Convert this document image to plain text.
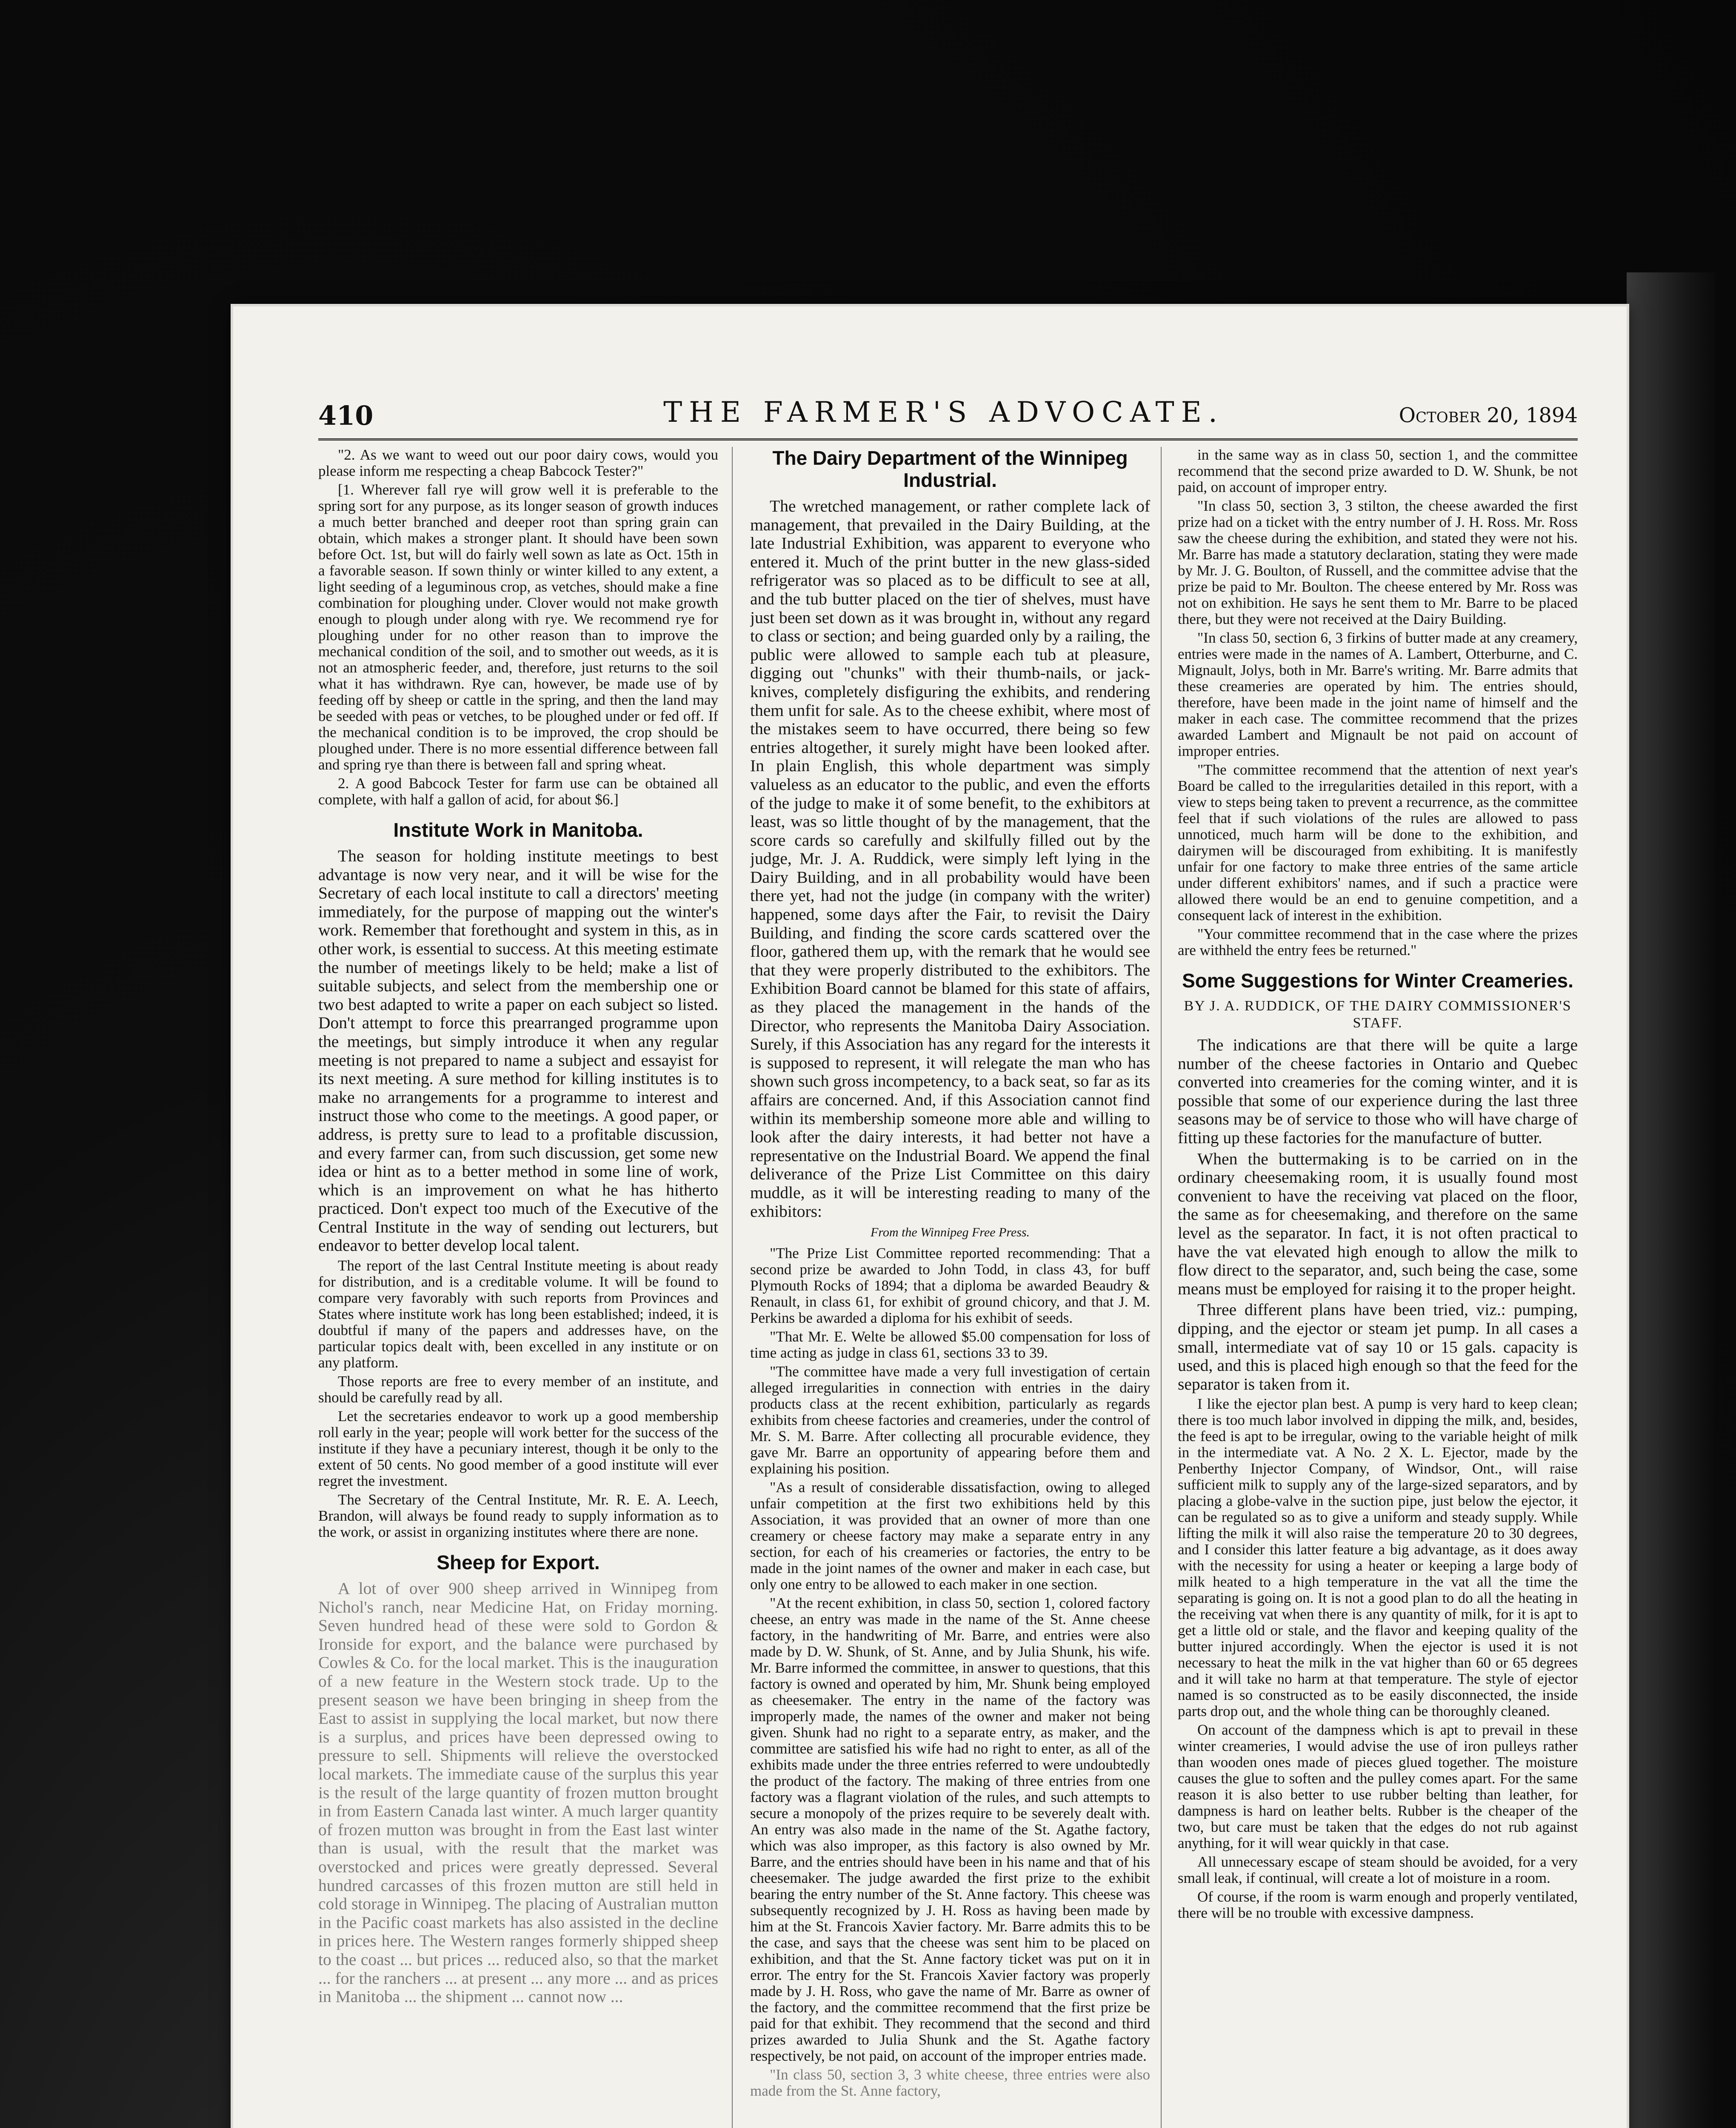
410	THE FARMER'S ADVOCATE.	October 20, 1894

"2. As we want to weed out our poor dairy cows, would you please inform me respecting a cheap Babcock Tester?"

[1. Wherever fall rye will grow well it is preferable to the spring sort for any purpose, as its longer season of growth induces a much better branched and deeper root than spring grain can obtain, which makes a stronger plant. It should have been sown before Oct. 1st, but will do fairly well sown as late as Oct. 15th in a favorable season. If sown thinly or winter killed to any extent, a light seeding of a leguminous crop, as vetches, should make a fine combination for ploughing under. Clover would not make growth enough to plough under along with rye. We recommend rye for ploughing under for no other reason than to improve the mechanical condition of the soil, and to smother out weeds, as it is not an atmospheric feeder, and, therefore, just returns to the soil what it has withdrawn. Rye can, however, be made use of by feeding off by sheep or cattle in the spring, and then the land may be seeded with peas or vetches, to be ploughed under or fed off. If the mechanical condition is to be improved, the crop should be ploughed under. There is no more essential difference between fall and spring rye than there is between fall and spring wheat.

2. A good Babcock Tester for farm use can be obtained all complete, with half a gallon of acid, for about $6.]

Institute Work in Manitoba.

The season for holding institute meetings to best advantage is now very near, and it will be wise for the Secretary of each local institute to call a directors' meeting immediately, for the purpose of mapping out the winter's work. Remember that forethought and system in this, as in other work, is essential to success. At this meeting estimate the number of meetings likely to be held; make a list of suitable subjects, and select from the membership one or two best adapted to write a paper on each subject so listed. Don't attempt to force this prearranged programme upon the meetings, but simply introduce it when any regular meeting is not prepared to name a subject and essayist for its next meeting. A sure method for killing institutes is to make no arrangements for a programme to interest and instruct those who come to the meetings. A good paper, or address, is pretty sure to lead to a profitable discussion, and every farmer can, from such discussion, get some new idea or hint as to a better method in some line of work, which is an improvement on what he has hitherto practiced. Don't expect too much of the Executive of the Central Institute in the way of sending out lecturers, but endeavor to better develop local talent.

The report of the last Central Institute meeting is about ready for distribution, and is a creditable volume. It will be found to compare very favorably with such reports from Provinces and States where institute work has long been established; indeed, it is doubtful if many of the papers and addresses have, on the particular topics dealt with, been excelled in any institute or on any platform.

Those reports are free to every member of an institute, and should be carefully read by all.

Let the secretaries endeavor to work up a good membership roll early in the year; people will work better for the success of the institute if they have a pecuniary interest, though it be only to the extent of 50 cents. No good member of a good institute will ever regret the investment.

The Secretary of the Central Institute, Mr. R. E. A. Leech, Brandon, will always be found ready to supply information as to the work, or assist in organizing institutes where there are none.

Sheep for Export.

A lot of over 900 sheep arrived in Winnipeg from Nichol's ranch, near Medicine Hat, on Friday morning. Seven hundred head of these were sold to Gordon & Ironside for export, and the balance were purchased by Cowles & Co. for the local market. This is the inauguration of a new feature in the Western stock trade. Up to the present season we have been bringing in sheep from the East to assist in supplying the local market, but now there is a surplus, and prices have been depressed owing to pressure to sell. Shipments will relieve the overstocked local markets. The immediate cause of the surplus this year is the result of the large quantity of frozen mutton brought in from Eastern Canada last winter. A much larger quantity of frozen mutton was brought in from the East last winter than is usual, with the result that the market was overstocked and prices were greatly depressed. Several hundred carcasses of this frozen mutton are still held in cold storage in Winnipeg. The placing of Australian mutton in the Pacific coast markets has also assisted in the decline in prices here. The Western ranges formerly shipped sheep to the coast ... but prices ... reduced also, so that the market ... for the ranchers ... at present ... any more ... and as prices in Manitoba ... the shipment ... cannot now ...

The Dairy Department of the Winnipeg Industrial.

The wretched management, or rather complete lack of management, that prevailed in the Dairy Building, at the late Industrial Exhibition, was apparent to everyone who entered it. Much of the print butter in the new glass-sided refrigerator was so placed as to be difficult to see at all, and the tub butter placed on the tier of shelves, must have just been set down as it was brought in, without any regard to class or section; and being guarded only by a railing, the public were allowed to sample each tub at pleasure, digging out "chunks" with their thumb-nails, or jack-knives, completely disfiguring the exhibits, and rendering them unfit for sale. As to the cheese exhibit, where most of the mistakes seem to have occurred, there being so few entries altogether, it surely might have been looked after. In plain English, this whole department was simply valueless as an educator to the public, and even the efforts of the judge to make it of some benefit, to the exhibitors at least, was so little thought of by the management, that the score cards so carefully and skilfully filled out by the judge, Mr. J. A. Ruddick, were simply left lying in the Dairy Building, and in all probability would have been there yet, had not the judge (in company with the writer) happened, some days after the Fair, to revisit the Dairy Building, and finding the score cards scattered over the floor, gathered them up, with the remark that he would see that they were properly distributed to the exhibitors. The Exhibition Board cannot be blamed for this state of affairs, as they placed the management in the hands of the Director, who represents the Manitoba Dairy Association. Surely, if this Association has any regard for the interests it is supposed to represent, it will relegate the man who has shown such gross incompetency, to a back seat, so far as its affairs are concerned. And, if this Association cannot find within its membership someone more able and willing to look after the dairy interests, it had better not have a representative on the Industrial Board. We append the final deliverance of the Prize List Committee on this dairy muddle, as it will be interesting reading to many of the exhibitors:

From the Winnipeg Free Press.

"The Prize List Committee reported recommending: That a second prize be awarded to John Todd, in class 43, for buff Plymouth Rocks of 1894; that a diploma be awarded Beaudry & Renault, in class 61, for exhibit of ground chicory, and that J. M. Perkins be awarded a diploma for his exhibit of seeds.

"That Mr. E. Welte be allowed $5.00 compensation for loss of time acting as judge in class 61, sections 33 to 39.

"The committee have made a very full investigation of certain alleged irregularities in connection with entries in the dairy products class at the recent exhibition, particularly as regards exhibits from cheese factories and creameries, under the control of Mr. S. M. Barre. After collecting all procurable evidence, they gave Mr. Barre an opportunity of appearing before them and explaining his position.

"As a result of considerable dissatisfaction, owing to alleged unfair competition at the first two exhibitions held by this Association, it was provided that an owner of more than one creamery or cheese factory may make a separate entry in any section, for each of his creameries or factories, the entry to be made in the joint names of the owner and maker in each case, but only one entry to be allowed to each maker in one section.

"At the recent exhibition, in class 50, section 1, colored factory cheese, an entry was made in the name of the St. Anne cheese factory, in the handwriting of Mr. Barre, and entries were also made by D. W. Shunk, of St. Anne, and by Julia Shunk, his wife. Mr. Barre informed the committee, in answer to questions, that this factory is owned and operated by him, Mr. Shunk being employed as cheesemaker. The entry in the name of the factory was improperly made, the names of the owner and maker not being given. Shunk had no right to a separate entry, as maker, and the committee are satisfied his wife had no right to enter, as all of the exhibits made under the three entries referred to were undoubtedly the product of the factory. The making of three entries from one factory was a flagrant violation of the rules, and such attempts to secure a monopoly of the prizes require to be severely dealt with. An entry was also made in the name of the St. Agathe factory, which was also improper, as this factory is also owned by Mr. Barre, and the entries should have been in his name and that of his cheesemaker. The judge awarded the first prize to the exhibit bearing the entry number of the St. Anne factory. This cheese was subsequently recognized by J. H. Ross as having been made by him at the St. Francois Xavier factory. Mr. Barre admits this to be the case, and says that the cheese was sent him to be placed on exhibition, and that the St. Anne factory ticket was put on it in error. The entry for the St. Francois Xavier factory was properly made by J. H. Ross, who gave the name of Mr. Barre as owner of the factory, and the committee recommend that the first prize be paid for that exhibit. They recommend that the second and third prizes awarded to Julia Shunk and the St. Agathe factory respectively, be not paid, on account of the improper entries made.

"In class 50, section 3, 3 white cheese, three entries were also made from the St. Anne factory,

in the same way as in class 50, section 1, and the committee recommend that the second prize awarded to D. W. Shunk, be not paid, on account of improper entry.

"In class 50, section 3, 3 stilton, the cheese awarded the first prize had on a ticket with the entry number of J. H. Ross. Mr. Ross saw the cheese during the exhibition, and stated they were not his. Mr. Barre has made a statutory declaration, stating they were made by Mr. J. G. Boulton, of Russell, and the committee advise that the prize be paid to Mr. Boulton. The cheese entered by Mr. Ross was not on exhibition. He says he sent them to Mr. Barre to be placed there, but they were not received at the Dairy Building.

"In class 50, section 6, 3 firkins of butter made at any creamery, entries were made in the names of A. Lambert, Otterburne, and C. Mignault, Jolys, both in Mr. Barre's writing. Mr. Barre admits that these creameries are operated by him. The entries should, therefore, have been made in the joint name of himself and the maker in each case. The committee recommend that the prizes awarded Lambert and Mignault be not paid on account of improper entries.

"The committee recommend that the attention of next year's Board be called to the irregularities detailed in this report, with a view to steps being taken to prevent a recurrence, as the committee feel that if such violations of the rules are allowed to pass unnoticed, much harm will be done to the exhibition, and dairymen will be discouraged from exhibiting. It is manifestly unfair for one factory to make three entries of the same article under different exhibitors' names, and if such a practice were allowed there would be an end to genuine competition, and a consequent lack of interest in the exhibition.

"Your committee recommend that in the case where the prizes are withheld the entry fees be returned."

Some Suggestions for Winter Creameries.
BY J. A. RUDDICK, OF THE DAIRY COMMISSIONER'S STAFF.

The indications are that there will be quite a large number of the cheese factories in Ontario and Quebec converted into creameries for the coming winter, and it is possible that some of our experience during the last three seasons may be of service to those who will have charge of fitting up these factories for the manufacture of butter.

When the buttermaking is to be carried on in the ordinary cheesemaking room, it is usually found most convenient to have the receiving vat placed on the floor, the same as for cheesemaking, and therefore on the same level as the separator. In fact, it is not often practical to have the vat elevated high enough to allow the milk to flow direct to the separator, and, such being the case, some means must be employed for raising it to the proper height.

Three different plans have been tried, viz.: pumping, dipping, and the ejector or steam jet pump. In all cases a small, intermediate vat of say 10 or 15 gals. capacity is used, and this is placed high enough so that the feed for the separator is taken from it.

I like the ejector plan best. A pump is very hard to keep clean; there is too much labor involved in dipping the milk, and, besides, the feed is apt to be irregular, owing to the variable height of milk in the intermediate vat. A No. 2 X. L. Ejector, made by the Penberthy Injector Company, of Windsor, Ont., will raise sufficient milk to supply any of the large-sized separators, and by placing a globe-valve in the suction pipe, just below the ejector, it can be regulated so as to give a uniform and steady supply. While lifting the milk it will also raise the temperature 20 to 30 degrees, and I consider this latter feature a big advantage, as it does away with the necessity for using a heater or keeping a large body of milk heated to a high temperature in the vat all the time the separating is going on. It is not a good plan to do all the heating in the receiving vat when there is any quantity of milk, for it is apt to get a little old or stale, and the flavor and keeping quality of the butter injured accordingly. When the ejector is used it is not necessary to heat the milk in the vat higher than 60 or 65 degrees and it will take no harm at that temperature. The style of ejector named is so constructed as to be easily disconnected, the inside parts drop out, and the whole thing can be thoroughly cleaned.

On account of the dampness which is apt to prevail in these winter creameries, I would advise the use of iron pulleys rather than wooden ones made of pieces glued together. The moisture causes the glue to soften and the pulley comes apart. For the same reason it is also better to use rubber belting than leather, for dampness is hard on leather belts. Rubber is the cheaper of the two, but care must be taken that the edges do not rub against anything, for it will wear quickly in that case.

All unnecessary escape of steam should be avoided, for a very small leak, if continual, will create a lot of moisture in a room.

Of course, if the room is warm enough and properly ventilated, there will be no trouble with excessive dampness.
